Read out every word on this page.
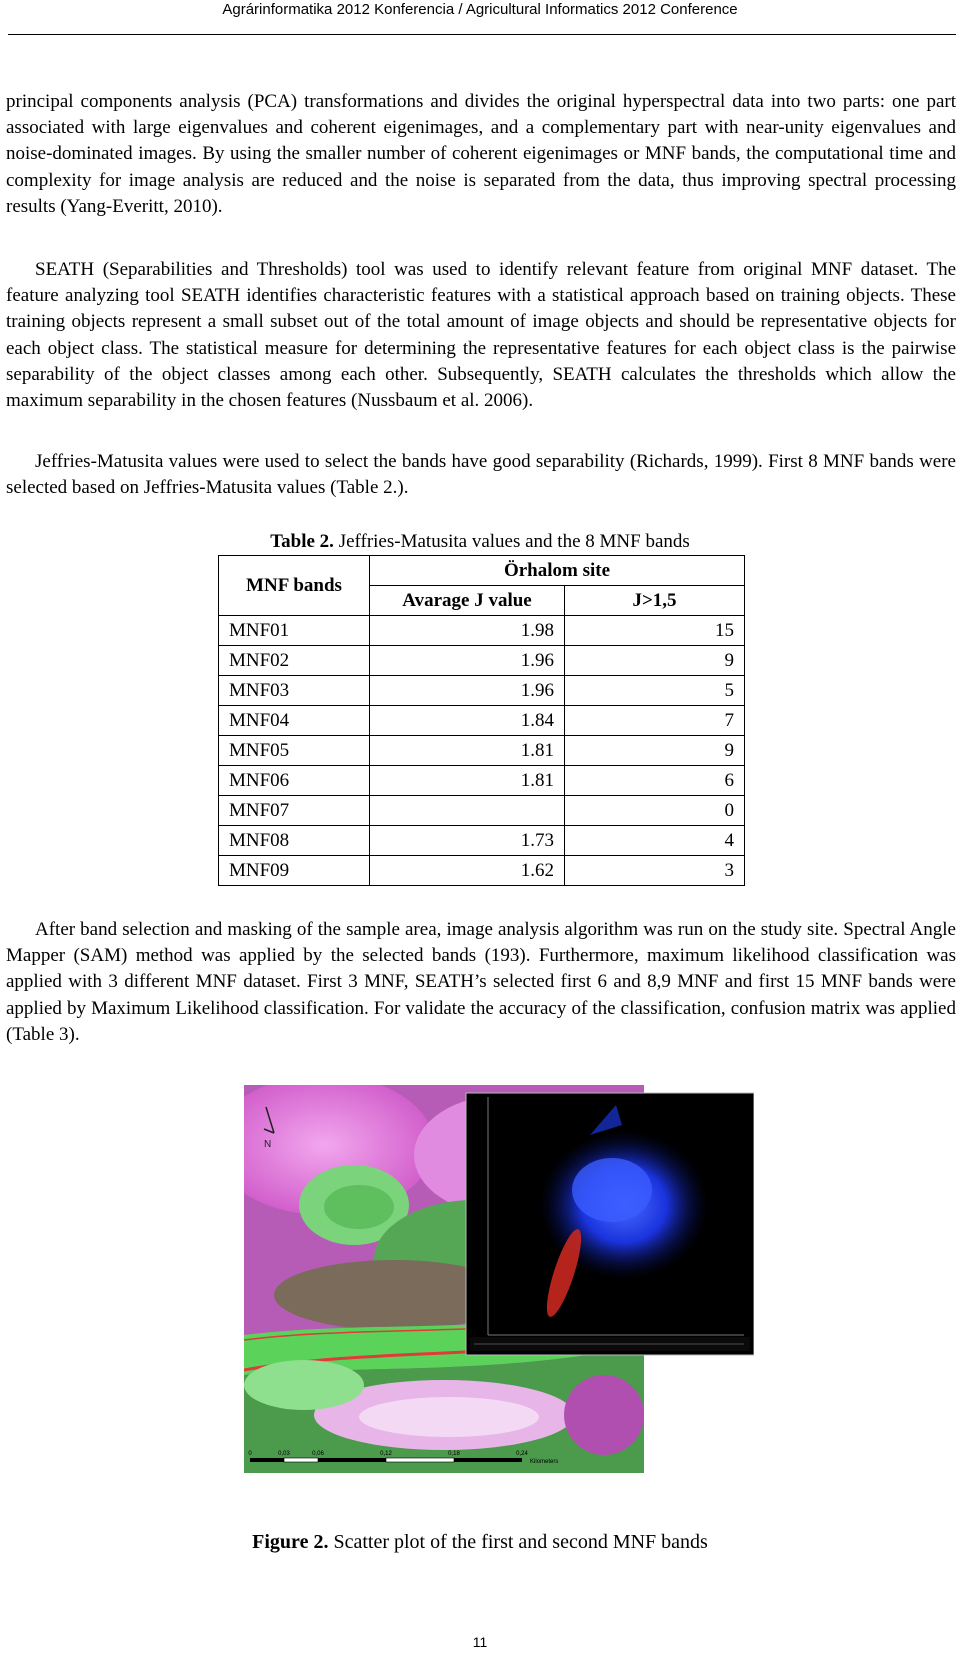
Agrárinformatika 2012 Konferencia / Agricultural Informatics 2012 Conference

principal components analysis (PCA) transformations and divides the original hyperspectral data into two parts: one part associated with large eigenvalues and coherent eigenimages, and a complementary part with near-unity eigenvalues and noise-dominated images. By using the smaller number of coherent eigenimages or MNF bands, the computational time and complexity for image analysis are reduced and the noise is separated from the data, thus improving spectral processing results (Yang-Everitt, 2010).

SEATH (Separabilities and Thresholds) tool was used to identify relevant feature from original MNF dataset. The feature analyzing tool SEATH identifies characteristic features with a statistical approach based on training objects. These training objects represent a small subset out of the total amount of image objects and should be representative objects for each object class. The statistical measure for determining the representative features for each object class is the pairwise separability of the object classes among each other. Subsequently, SEATH calculates the thresholds which allow the maximum separability in the chosen features (Nussbaum et al. 2006).

Jeffries-Matusita values were used to select the bands have good separability (Richards, 1999). First 8 MNF bands were selected based on Jeffries-Matusita values (Table 2.).

Table 2. Jeffries-Matusita values and the 8 MNF bands
MNF bands	Örhalom site	
	Avarage J value	J>1,5
MNF01	1.98	15
MNF02	1.96	9
MNF03	1.96	5
MNF04	1.84	7
MNF05	1.81	9
MNF06	1.81	6
MNF07		0
MNF08	1.73	4
MNF09	1.62	3

After band selection and masking of the sample area, image analysis algorithm was run on the study site. Spectral Angle Mapper (SAM) method was applied by the selected bands (193). Furthermore, maximum likelihood classification was applied with 3 different MNF dataset. First 3 MNF, SEATH’s selected first 6 and 8,9 MNF and first 15 MNF bands were applied by Maximum Likelihood classification. For validate the accuracy of the classification, confusion matrix was applied (Table 3).

N
0	0,03	0,06	0,12	0,18	0,24
Kilometers
Figure 2. Scatter plot of the first and second MNF bands
11
